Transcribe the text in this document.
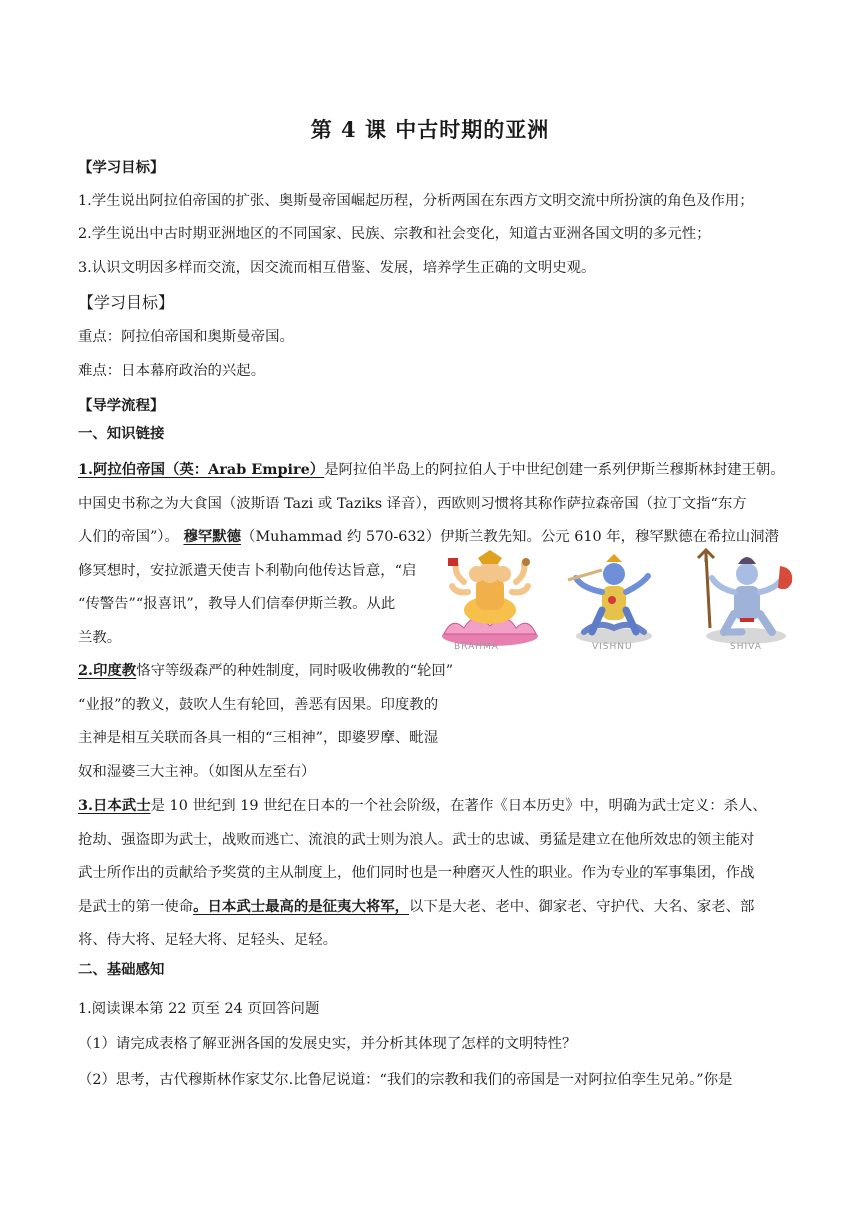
第 4 课 中古时期的亚洲
【学习目标】
1.学生说出阿拉伯帝国的扩张、奥斯曼帝国崛起历程，分析两国在东西方文明交流中所扮演的角色及作用；
2.学生说出中古时期亚洲地区的不同国家、民族、宗教和社会变化，知道古亚洲各国文明的多元性；
3.认识文明因多样而交流，因交流而相互借鉴、发展，培养学生正确的文明史观。
【学习目标】
重点：阿拉伯帝国和奥斯曼帝国。
难点：日本幕府政治的兴起。
【导学流程】
一、知识链接
1.阿拉伯帝国（英：Arab Empire）是阿拉伯半岛上的阿拉伯人于中世纪创建一系列伊斯兰穆斯林封建王朝。
中国史书称之为大食国（波斯语 Tazi 或 Taziks 译音），西欧则习惯将其称作萨拉森帝国（拉丁文指“东方
人们的帝国”）。 穆罕默德（Muhammad 约 570-632）伊斯兰教先知。公元 610 年，穆罕默德在希拉山洞潜
修冥想时，安拉派遣天使吉卜利勒向他传达旨意，“启
“传警告”“报喜讯”，教导人们信奉伊斯兰教。从此
兰教。
BRAHMA	VISHNU	SHIVA
2.印度教恪守等级森严的种姓制度，同时吸收佛教的“轮回”
“业报”的教义，鼓吹人生有轮回，善恶有因果。印度教的
主神是相互关联而各具一相的“三相神”，即婆罗摩、毗湿
奴和湿婆三大主神。（如图从左至右）
3.日本武士是 10 世纪到 19 世纪在日本的一个社会阶级，在著作《日本历史》中，明确为武士定义：杀人、
抢劫、强盗即为武士，战败而逃亡、流浪的武士则为浪人。武士的忠诚、勇猛是建立在他所效忠的领主能对
武士所作出的贡献给予奖赏的主从制度上，他们同时也是一种磨灭人性的职业。作为专业的军事集团，作战
是武士的第一使命。日本武士最高的是征夷大将军，以下是大老、老中、御家老、守护代、大名、家老、部
将、侍大将、足轻大将、足轻头、足轻。
二、基础感知
1.阅读课本第 22 页至 24 页回答问题
（1）请完成表格了解亚洲各国的发展史实，并分析其体现了怎样的文明特性？
（2）思考，古代穆斯林作家艾尔.比鲁尼说道：“我们的宗教和我们的帝国是一对阿拉伯孪生兄弟。”你是
